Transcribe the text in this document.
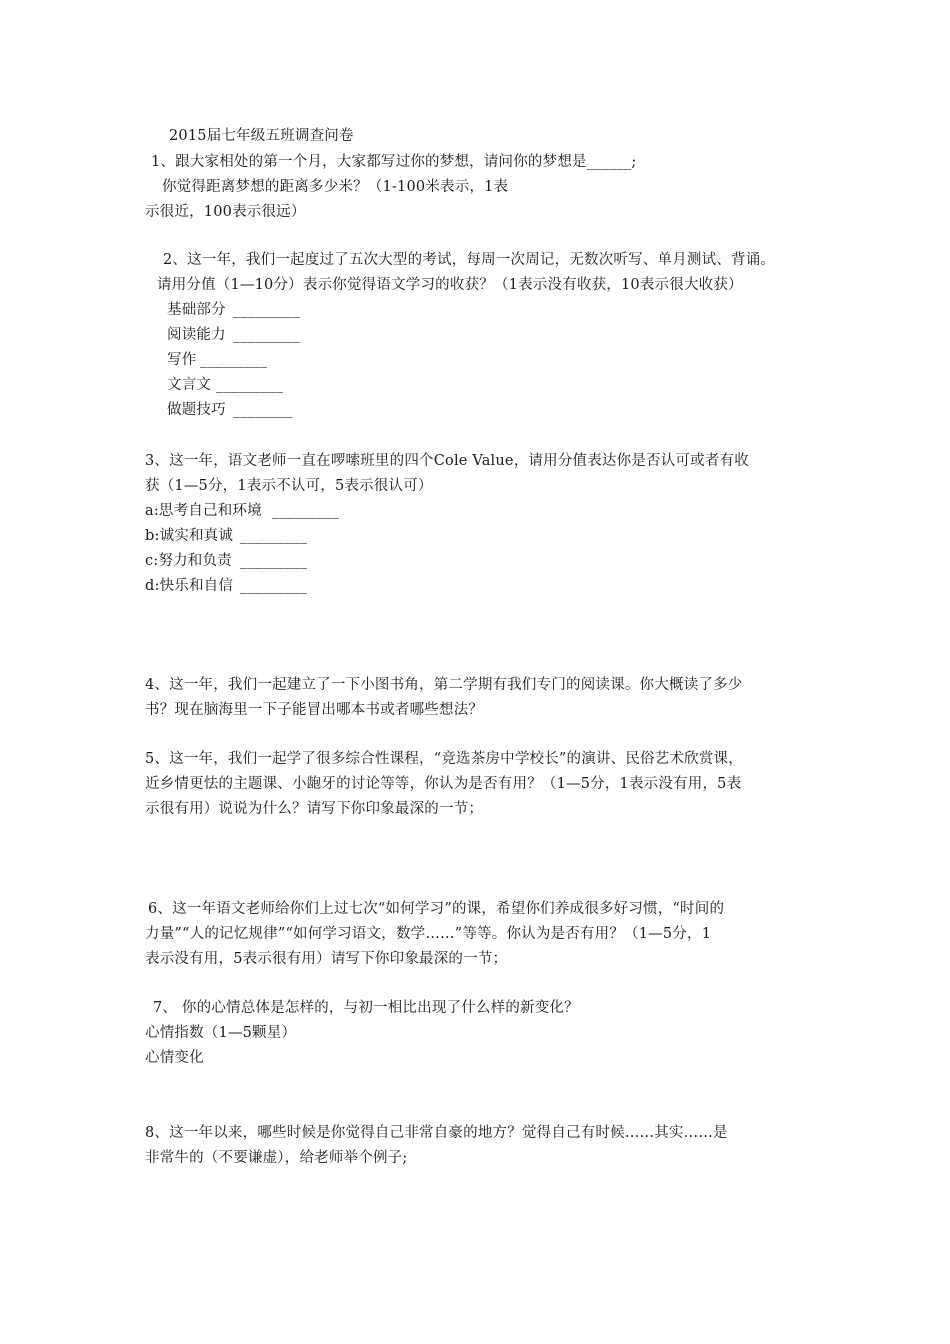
2015届七年级五班调查问卷
1、跟大家相处的第一个月，大家都写过你的梦想，请问你的梦想是______;
你觉得距离梦想的距离多少米？（1-100米表示，1表
示很近，100表示很远）
2、这一年，我们一起度过了五次大型的考试，每周一次周记，无数次听写、单月测试、背诵。
请用分值（1—10分）表示你觉得语文学习的收获？（1表示没有收获，10表示很大收获）
基础部分 _________
阅读能力 _________
写作 _________
文言文 _________
做题技巧 ________
3、这一年，语文老师一直在啰嗦班里的四个Cole Value，请用分值表达你是否认可或者有收
获（1—5分，1表示不认可，5表示很认可）
a:思考自己和环境 _________
b:诚实和真诚 _________
c:努力和负责 _________
d:快乐和自信 _________
4、这一年，我们一起建立了一下小图书角，第二学期有我们专门的阅读课。你大概读了多少
书？现在脑海里一下子能冒出哪本书或者哪些想法？
5、这一年，我们一起学了很多综合性课程，“竞选茶房中学校长”的演讲、民俗艺术欣赏课，
近乡情更怯的主题课、小龅牙的讨论等等，你认为是否有用？（1—5分，1表示没有用，5表
示很有用）说说为什么？请写下你印象最深的一节；
6、这一年语文老师给你们上过七次“如何学习”的课，希望你们养成很多好习惯，“时间的
力量”“人的记忆规律”“如何学习语文，数学……”等等。你认为是否有用？（1—5分，1
表示没有用，5表示很有用）请写下你印象最深的一节；
7、 你的心情总体是怎样的，与初一相比出现了什么样的新变化？
心情指数（1—5颗星）
心情变化
8、这一年以来，哪些时候是你觉得自己非常自豪的地方？觉得自己有时候……其实……是
非常牛的（不要谦虚），给老师举个例子;
